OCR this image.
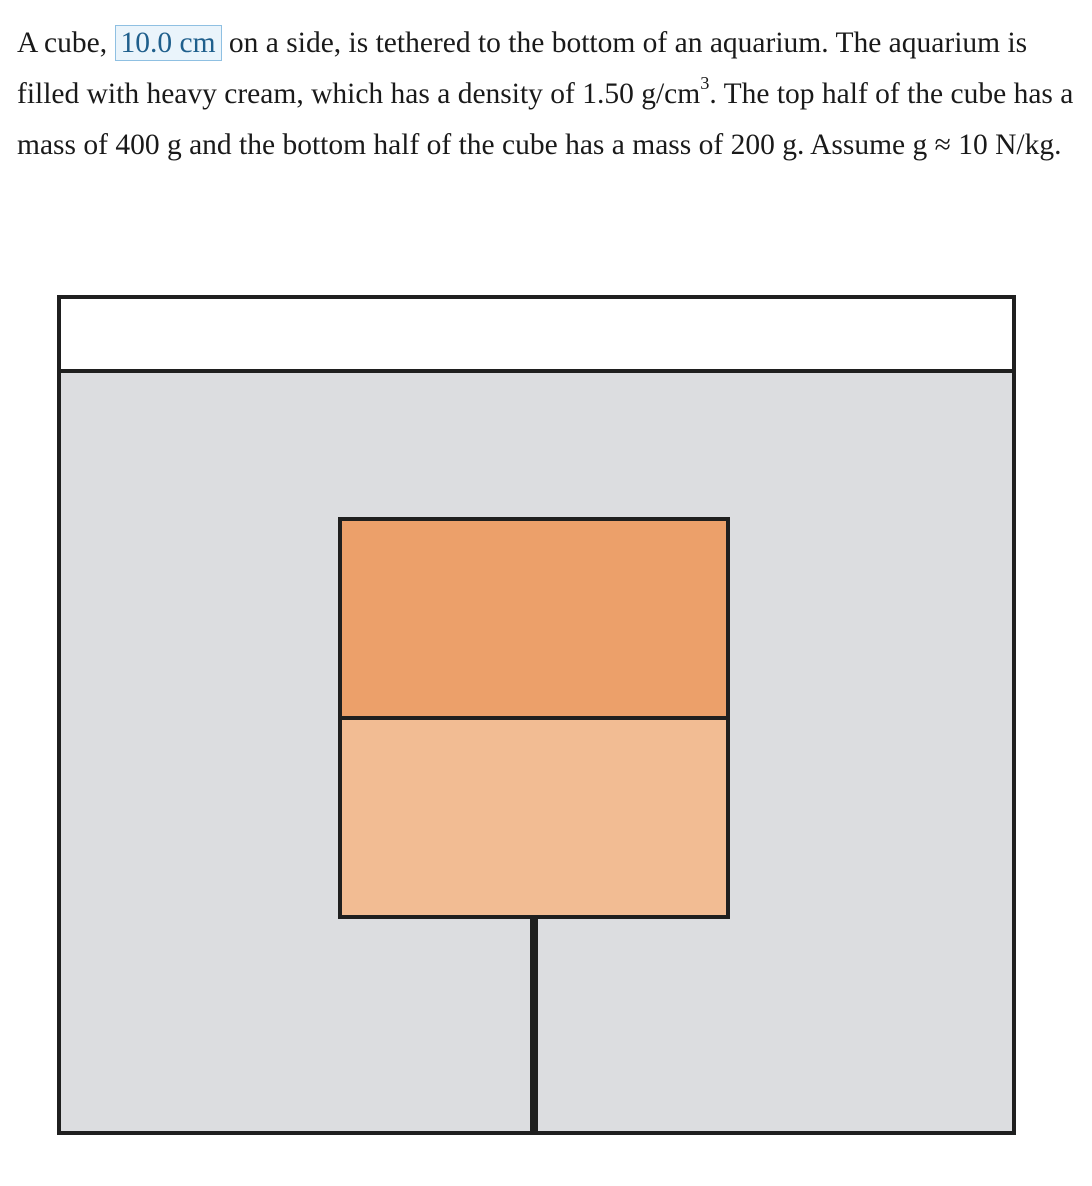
A cube, 10.0 cm on a side, is tethered to the bottom of an aquarium. The aquarium is filled with heavy cream, which has a density of 1.50 $g/cm^3$. The top half of the cube has a mass of 400 g and the bottom half of the cube has a mass of 200 g. Assume g ≈ 10 N/kg.
